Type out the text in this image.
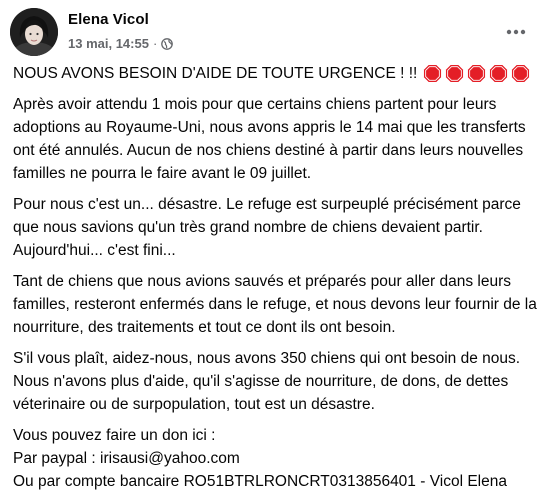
Elena Vicol
13 mai, 14:55 ·

NOUS AVONS BESOIN D'AIDE DE TOUTE URGENCE ! !!

Après avoir attendu 1 mois pour que certains chiens partent pour leurs adoptions au Royaume-Uni, nous avons appris le 14 mai que les transferts ont été annulés. Aucun de nos chiens destiné à partir dans leurs nouvelles familles ne pourra le faire avant le 09 juillet.

Pour nous c'est un... désastre. Le refuge est surpeuplé précisément parce que nous savions qu'un très grand nombre de chiens devaient partir. Aujourd'hui... c'est fini...

Tant de chiens que nous avions sauvés et préparés pour aller dans leurs familles, resteront enfermés dans le refuge, et nous devons leur fournir de la nourriture, des traitements et tout ce dont ils ont besoin.

S'il vous plaît, aidez-nous, nous avons 350 chiens qui ont besoin de nous. Nous n'avons plus d'aide, qu'il s'agisse de nourriture, de dons, de dettes véterinaire ou de surpopulation, tout est un désastre.

Vous pouvez faire un don ici :
Par paypal : irisausi@yahoo.com
Ou par compte bancaire RO51BTRLRONCRT0313856401 - Vicol Elena
